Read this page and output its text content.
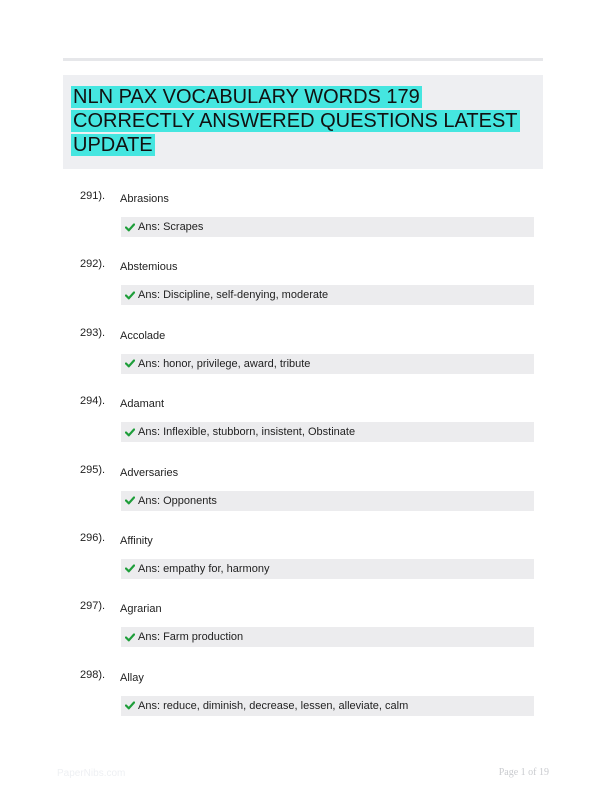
NLN PAX VOCABULARY WORDS 179 CORRECTLY ANSWERED QUESTIONS LATEST UPDATE
291). Abrasions
Ans: Scrapes
292). Abstemious
Ans: Discipline, self-denying, moderate
293). Accolade
Ans: honor, privilege, award, tribute
294). Adamant
Ans: Inflexible, stubborn, insistent, Obstinate
295). Adversaries
Ans: Opponents
296). Affinity
Ans: empathy for, harmony
297). Agrarian
Ans: Farm production
298). Allay
Ans: reduce, diminish, decrease, lessen, alleviate, calm
PaperNibs.com	Page 1 of 19
